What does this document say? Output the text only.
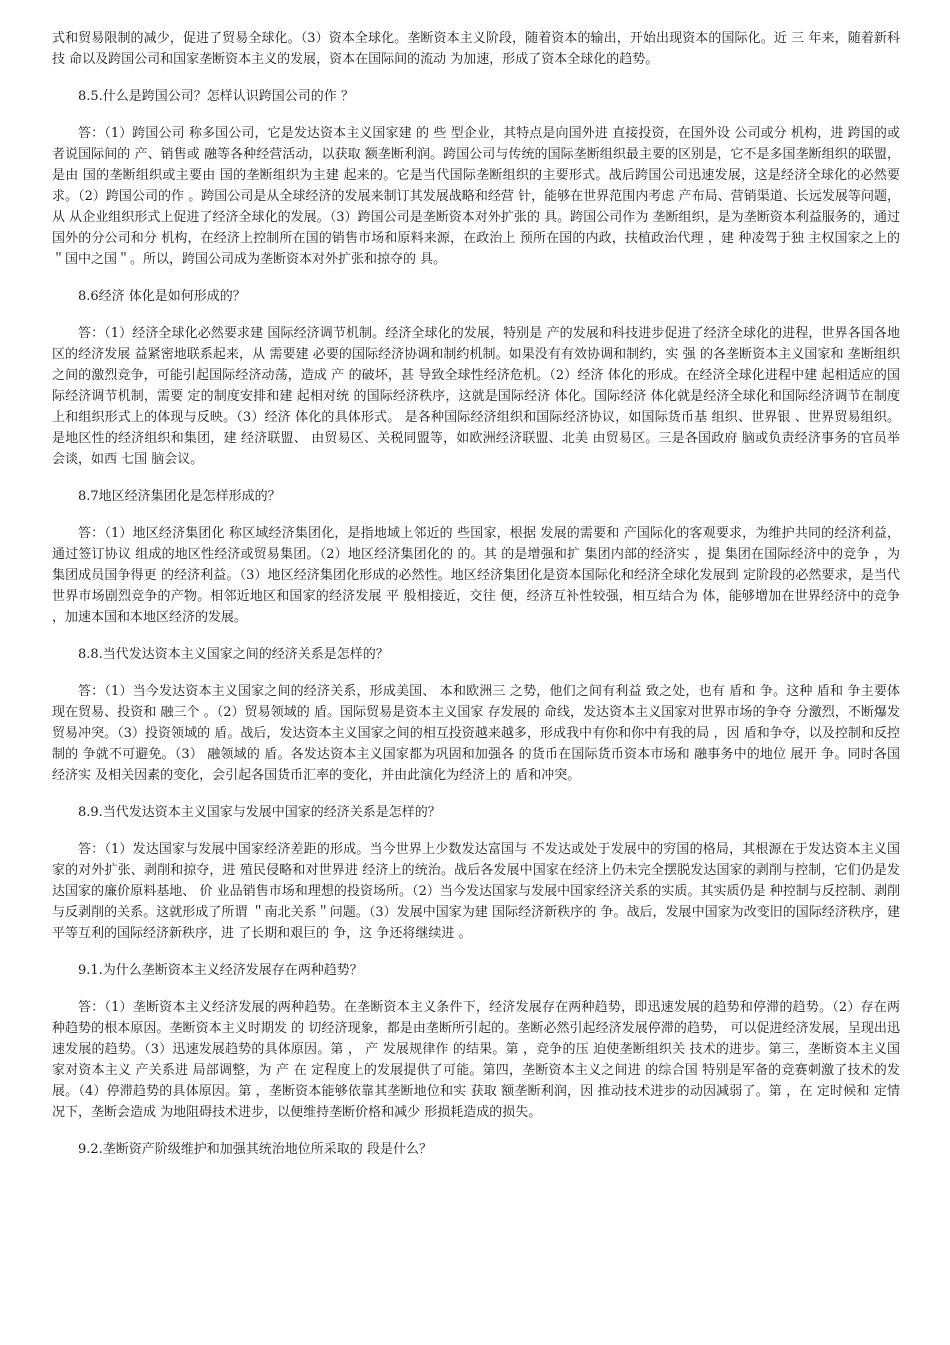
式和贸易限制的减少，促进了贸易全球化。（3）资本全球化。垄断资本主义阶段，随着资本的输出，开始出现资本的国际化。近 三 年来，随着新科技 命以及跨国公司和国家垄断资本主义的发展，资本在国际间的流动 为加速，形成了资本全球化的趋势。

8.5.什么是跨国公司？怎样认识跨国公司的作 ？

答：（1）跨国公司 称多国公司，它是发达资本主义国家建 的 些 型企业，其特点是向国外进 直接投资，在国外设 公司或分 机构，进 跨国的或者说国际间的 产、销售或 融等各种经营活动，以获取 额垄断利润。跨国公司与传统的国际垄断组织最主要的区别是，它不是多国垄断组织的联盟， 是由 国的垄断组织或主要由 国的垄断组织为主建 起来的。它是当代国际垄断组织的主要形式。战后跨国公司迅速发展，这是经济全球化的必然要求。（2）跨国公司的作 。跨国公司是从全球经济的发展来制订其发展战略和经营 针，能够在世界范围内考虑 产布局、营销渠道、长远发展等问题，从 从企业组织形式上促进了经济全球化的发展。（3）跨国公司是垄断资本对外扩张的 具。跨国公司作为 垄断组织，是为垄断资本利益服务的，通过国外的分公司和分 机构，在经济上控制所在国的销售市场和原料来源，在政治上 预所在国的内政，扶植政治代理 ，建 种凌驾于独 主权国家之上的 ＂国中之国＂。所以，跨国公司成为垄断资本对外扩张和掠夺的 具。

8.6经济 体化是如何形成的？

答：（1）经济全球化必然要求建 国际经济调节机制。经济全球化的发展，特别是 产的发展和科技进步促进了经济全球化的进程，世界各国各地区的经济发展 益紧密地联系起来，从 需要建 必要的国际经济协调和制约机制。如果没有有效协调和制约，实 强 的各垄断资本主义国家和 垄断组织之间的激烈竞争，可能引起国际经济动荡，造成 产 的破坏，甚 导致全球性经济危机。（2）经济 体化的形成。在经济全球化进程中建 起相适应的国际经济调节机制，需要 定的制度安排和建 起相对统 的国际经济秩序，这就是国际经济 体化。国际经济 体化就是经济全球化和国际经济调节在制度上和组织形式上的体现与反映。（3）经济 体化的具体形式。 是各种国际经济组织和国际经济协议，如国际货币基 组织、世界银 、世界贸易组织。 是地区性的经济组织和集团，建 经济联盟、 由贸易区、关税同盟等，如欧洲经济联盟、北美 由贸易区。三是各国政府 脑或负责经济事务的官员举 会谈，如西 七国 脑会议。

8.7地区经济集团化是怎样形成的？

答：（1）地区经济集团化 称区域经济集团化，是指地域上邻近的 些国家，根据 发展的需要和 产国际化的客观要求，为维护共同的经济利益，通过签订协议 组成的地区性经济或贸易集团。（2）地区经济集团化的 的。其 的是增强和扩 集团内部的经济实 ，提 集团在国际经济中的竞争 ，为集团成员国争得更 的经济利益。（3）地区经济集团化形成的必然性。地区经济集团化是资本国际化和经济全球化发展到 定阶段的必然要求，是当代世界市场剧烈竞争的产物。相邻近地区和国家的经济发展 平 般相接近，交往 便，经济互补性较强，相互结合为 体，能够增加在世界经济中的竞争 ，加速本国和本地区经济的发展。

8.8.当代发达资本主义国家之间的经济关系是怎样的？

答：（1）当今发达资本主义国家之间的经济关系，形成美国、 本和欧洲三 之势，他们之间有利益 致之处，也有 盾和 争。这种 盾和 争主要体现在贸易、投资和 融三个 。（2）贸易领域的 盾。国际贸易是资本主义国家 存发展的 命线，发达资本主义国家对世界市场的争夺 分激烈，不断爆发贸易冲突。（3）投资领域的 盾。战后，发达资本主义国家之间的相互投资越来越多，形成我中有你和你中有我的局 ，因 盾和争夺，以及控制和反控制的 争就不可避免。（3） 融领域的 盾。各发达资本主义国家都为巩固和加强各 的货币在国际货币资本市场和 融事务中的地位 展开 争。同时各国经济实 及相关因素的变化，会引起各国货币汇率的变化，并由此演化为经济上的 盾和冲突。

8.9.当代发达资本主义国家与发展中国家的经济关系是怎样的？

答：（1）发达国家与发展中国家经济差距的形成。当今世界上少数发达富国与 不发达或处于发展中的穷国的格局，其根源在于发达资本主义国家的对外扩张、剥削和掠夺，进 殖民侵略和对世界进 经济上的统治。战后各发展中国家在经济上仍未完全摆脱发达国家的剥削与控制，它们仍是发达国家的廉价原料基地、 价 业品销售市场和理想的投资场所。（2）当今发达国家与发展中国家经济关系的实质。其实质仍是 种控制与反控制、剥削与反剥削的关系。这就形成了所谓 ＂南北关系＂问题。（3）发展中国家为建 国际经济新秩序的 争。战后，发展中国家为改变旧的国际经济秩序，建 平等互利的国际经济新秩序，进 了长期和艰巨的 争，这 争还将继续进 。

9.1.为什么垄断资本主义经济发展存在两种趋势？

答：（1）垄断资本主义经济发展的两种趋势。在垄断资本主义条件下，经济发展存在两种趋势，即迅速发展的趋势和停滞的趋势。（2）存在两种趋势的根本原因。垄断资本主义时期发 的 切经济现象，都是由垄断所引起的。垄断必然引起经济发展停滞的趋势， 可以促进经济发展，呈现出迅速发展的趋势。（3）迅速发展趋势的具体原因。第 ， 产 发展规律作 的结果。第 ，竞争的压 迫使垄断组织关 技术的进步。第三，垄断资本主义国家对资本主义 产关系进 局部调整，为 产 在 定程度上的发展提供了可能。第四，垄断资本主义之间进 的综合国 特别是军备的竞赛刺激了技术的发展。（4）停滞趋势的具体原因。第 ，垄断资本能够依靠其垄断地位和实 获取 额垄断利润，因 推动技术进步的动因减弱了。第 ，在 定时候和 定情况下，垄断会造成 为地阻碍技术进步，以便维持垄断价格和减少 形损耗造成的损失。

9.2.垄断资产阶级维护和加强其统治地位所采取的 段是什么？
